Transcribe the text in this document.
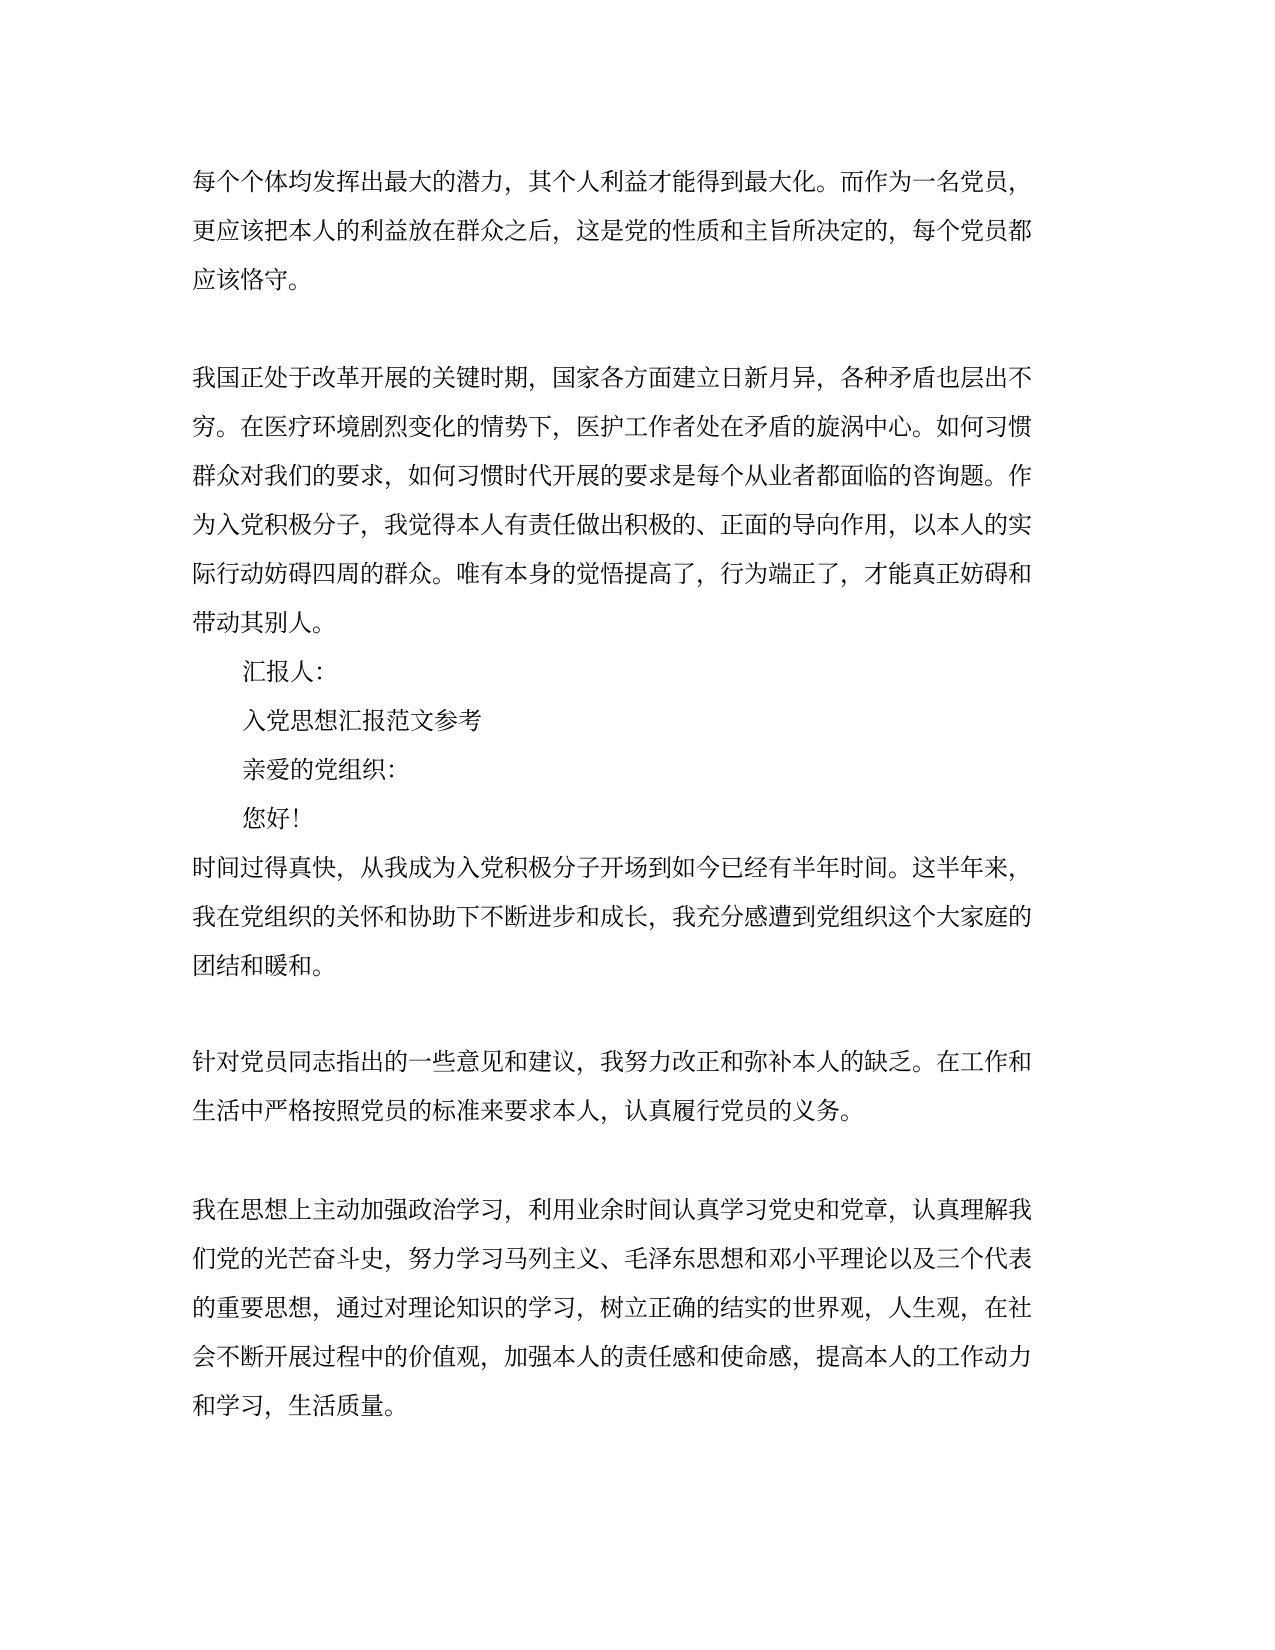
每个个体均发挥出最大的潜力，其个人利益才能得到最大化。而作为一名党员，
更应该把本人的利益放在群众之后，这是党的性质和主旨所决定的，每个党员都
应该恪守。
我国正处于改革开展的关键时期，国家各方面建立日新月异，各种矛盾也层出不
穷。在医疗环境剧烈变化的情势下，医护工作者处在矛盾的旋涡中心。如何习惯
群众对我们的要求，如何习惯时代开展的要求是每个从业者都面临的咨询题。作
为入党积极分子，我觉得本人有责任做出积极的、正面的导向作用，以本人的实
际行动妨碍四周的群众。唯有本身的觉悟提高了，行为端正了，才能真正妨碍和
带动其别人。

汇报人：

入党思想汇报范文参考

亲爱的党组织：

您好！

时间过得真快，从我成为入党积极分子开场到如今已经有半年时间。这半年来，
我在党组织的关怀和协助下不断进步和成长，我充分感遭到党组织这个大家庭的
团结和暖和。
针对党员同志指出的一些意见和建议，我努力改正和弥补本人的缺乏。在工作和
生活中严格按照党员的标准来要求本人，认真履行党员的义务。
我在思想上主动加强政治学习，利用业余时间认真学习党史和党章，认真理解我
们党的光芒奋斗史，努力学习马列主义、毛泽东思想和邓小平理论以及三个代表
的重要思想，通过对理论知识的学习，树立正确的结实的世界观，人生观，在社
会不断开展过程中的价值观，加强本人的责任感和使命感，提高本人的工作动力
和学习，生活质量。
